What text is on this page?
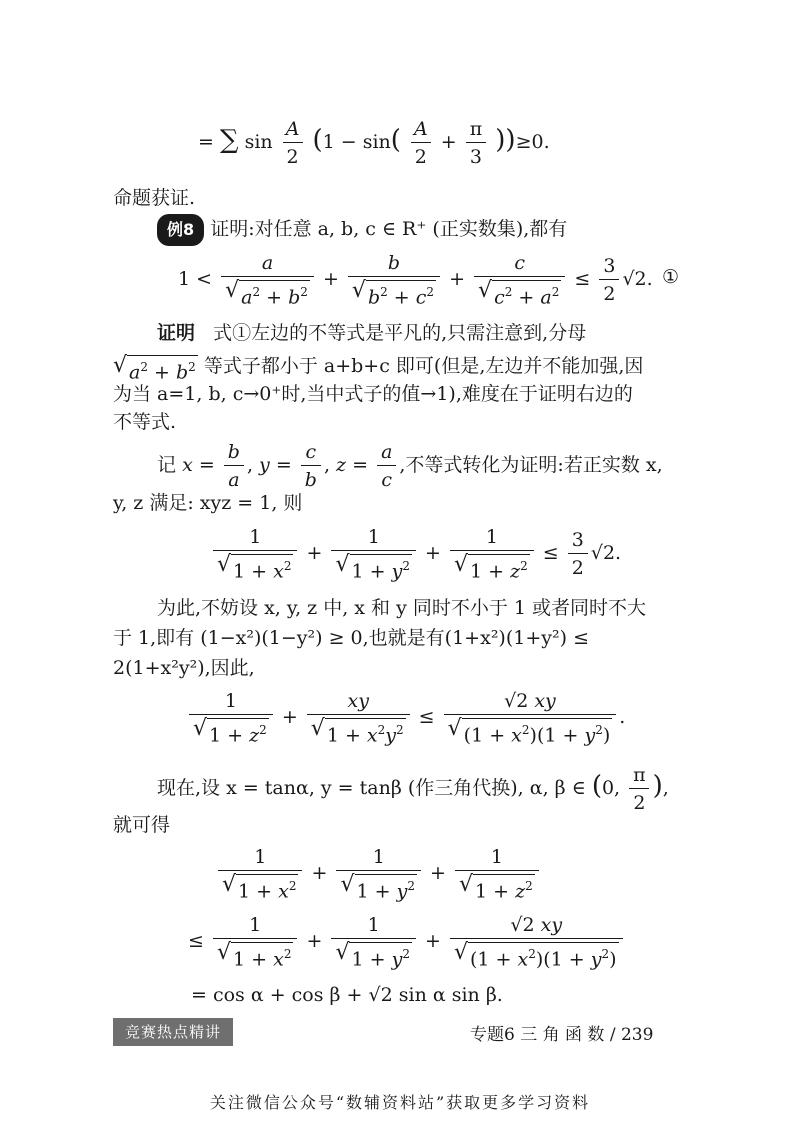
= ∑ $\sin \frac{A}{2} (1 - \sin( \frac{A}{2} + \frac{\pi}{3} ))\ge 0$.
命题获证.
例8 证明:对任意 a, b, c ∈ R⁺ (正实数集),都有
$1 < \frac{a}{√ a^2 + b^2} + \frac{b}{√ b^2 + c^2} + \frac{c}{√ c^2 + a^2} \le \frac{3}{2} √2$. ①
证明 式①左边的不等式是平凡的,只需注意到,分母
√ $a^2 + b^2$ 等式子都小于 a+b+c 即可(但是,左边并不能加强,因
为当 a=1, b, c→0⁺时,当中式子的值→1),难度在于证明右边的
不等式.
记 $x = \frac{b}{a}$ , $y = \frac{c}{b}$ , $z = \frac{a}{c}$ ,不等式转化为证明:若正实数 x,
y, z 满足: xyz = 1, 则
$\frac{1}{√ 1 + x^2} + \frac{1}{√ 1 + y^2} + \frac{1}{√ 1 + z^2} \le \frac{3}{2} √2$.
为此,不妨设 x, y, z 中, x 和 y 同时不小于 1 或者同时不大
于 1,即有 (1−x²)(1−y²) ≥ 0,也就是有(1+x²)(1+y²) ≤
2(1+x²y²),因此,
$\frac{1}{√ 1 + z^2} + \frac{xy}{√ 1 + x^2y^2} \le \frac{√2 xy}{√ (1 + x^2)(1 + y^2)}$ .
现在,设 x = tanα, y = tanβ (作三角代换), α, β ∈ (0, $\frac{\pi}{2}$ ),
就可得
$\frac{1}{√ 1 + x^2} + \frac{1}{√ 1 + y^2} + \frac{1}{√ 1 + z^2}$
≤ $\frac{1}{√ 1 + x^2} + \frac{1}{√ 1 + y^2} + \frac{√2 xy}{√ (1 + x^2)(1 + y^2)}$
= cos α + cos β + √2 sin α sin β.
竞赛热点精讲	专题6 三 角 函 数 / 239
关注微信公众号“数辅资料站”获取更多学习资料
